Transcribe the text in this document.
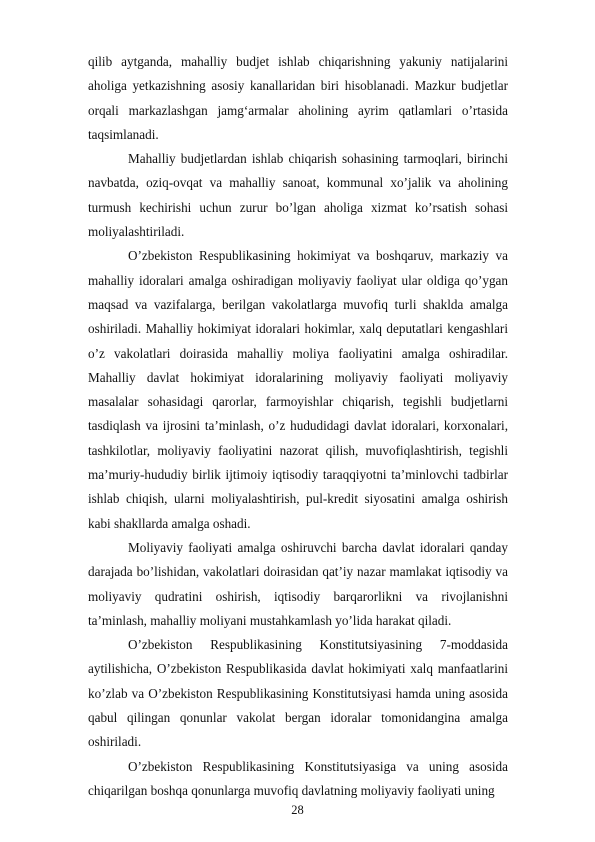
qilib aytganda, mahalliy budjet ishlab chiqarishning yakuniy natijalarini aholiga yetkazishning asosiy kanallaridan biri hisoblanadi. Mazkur budjetlar orqali markazlashgan jamg‘armalar aholining ayrim qatlamlari o’rtasida taqsimlanadi.

Mahalliy budjetlardan ishlab chiqarish sohasining tarmoqlari, birinchi navbatda, oziq-ovqat va mahalliy sanoat, kommunal xo’jalik va aholining turmush kechirishi uchun zurur bo’lgan aholiga xizmat ko’rsatish sohasi moliyalashtiriladi.

O’zbekiston Respublikasining hokimiyat va boshqaruv, markaziy va mahalliy idoralari amalga oshiradigan moliyaviy faoliyat ular oldiga qo’ygan maqsad va vazifalarga, berilgan vakolatlarga muvofiq turli shaklda amalga oshiriladi. Mahalliy hokimiyat idoralari hokimlar, xalq deputatlari kengashlari o’z vakolatlari doirasida mahalliy moliya faoliyatini amalga oshiradilar. Mahalliy davlat hokimiyat idoralarining moliyaviy faoliyati moliyaviy masalalar sohasidagi qarorlar, farmoyishlar chiqarish, tegishli budjetlarni tasdiqlash va ijrosini ta’minlash, o’z hududidagi davlat idoralari, korxonalari, tashkilotlar, moliyaviy faoliyatini nazorat qilish, muvofiqlashtirish, tegishli ma’muriy-hududiy birlik ijtimoiy iqtisodiy taraqqiyotni ta’minlovchi tadbirlar ishlab chiqish, ularni moliyalashtirish, pul-kredit siyosatini amalga oshirish kabi shakllarda amalga oshadi.

Moliyaviy faoliyati amalga oshiruvchi barcha davlat idoralari qanday darajada bo’lishidan, vakolatlari doirasidan qat’iy nazar mamlakat iqtisodiy va moliyaviy qudratini oshirish, iqtisodiy barqarorlikni va rivojlanishni ta’minlash, mahalliy moliyani mustahkamlash yo’lida harakat qiladi.

O’zbekiston Respublikasining Konstitutsiyasining 7-moddasida aytilishicha, O’zbekiston Respublikasida davlat hokimiyati xalq manfaatlarini ko’zlab va O’zbekiston Respublikasining Konstitutsiyasi hamda uning asosida qabul qilingan qonunlar vakolat bergan idoralar tomonidangina amalga oshiriladi.

O’zbekiston Respublikasining Konstitutsiyasiga va uning asosida chiqarilgan boshqa qonunlarga muvofiq davlatning moliyaviy faoliyati uning

28
